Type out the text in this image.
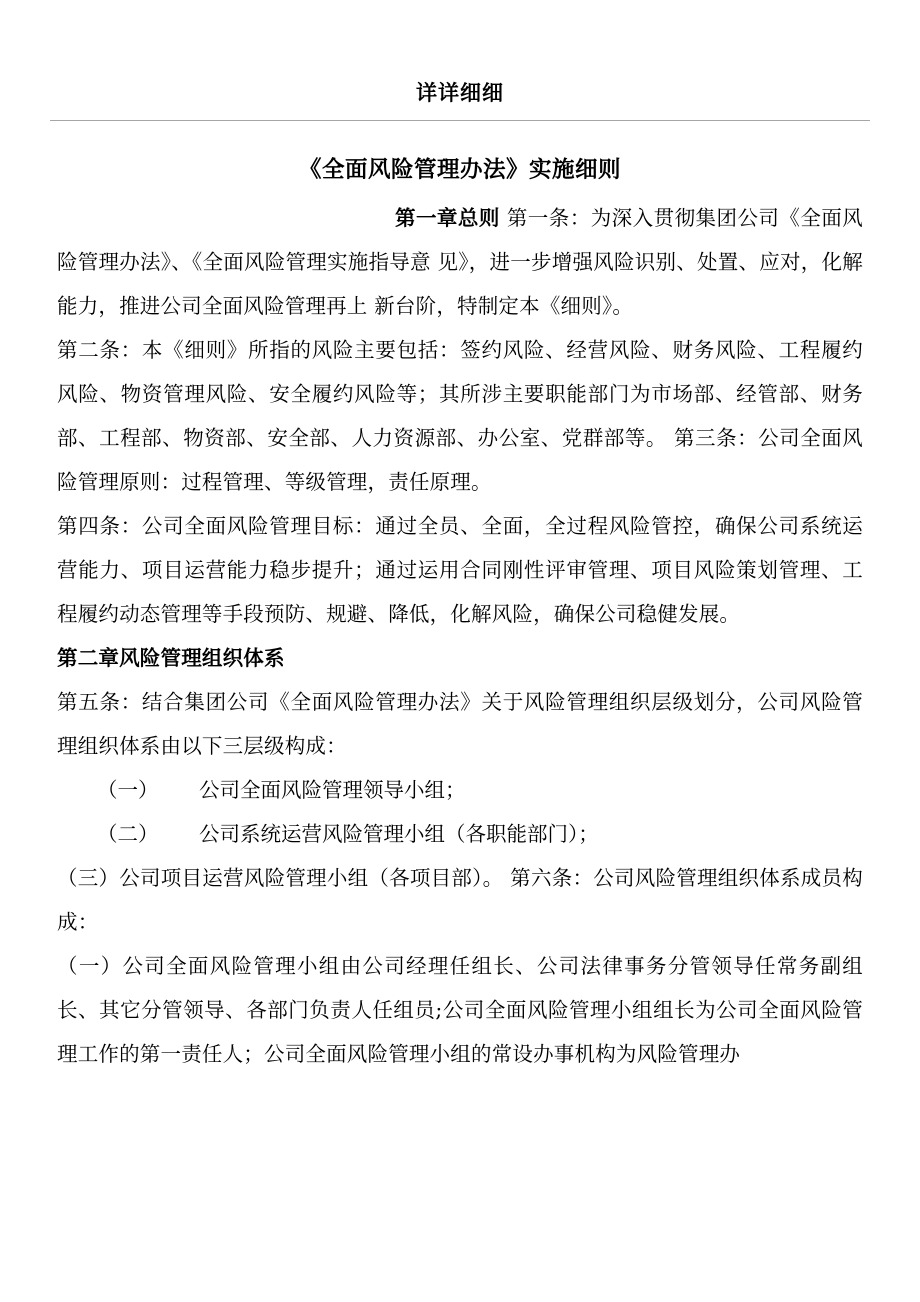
详详细细
《全面风险管理办法》实施细则

第一章总则 第一条：为深入贯彻集团公司《全面风险管理办法》、《全面风险管理实施指导意 见》，进一步增强风险识别、处置、应对，化解能力，推进公司全面风险管理再上 新台阶，特制定本《细则》。

第二条：本《细则》所指的风险主要包括：签约风险、经营风险、财务风险、工程履约风险、物资管理风险、安全履约风险等；其所涉主要职能部门为市场部、经管部、财务部、工程部、物资部、安全部、人力资源部、办公室、党群部等。 第三条：公司全面风险管理原则：过程管理、等级管理，责任原理。

第四条：公司全面风险管理目标：通过全员、全面，全过程风险管控，确保公司系统运营能力、项目运营能力稳步提升；通过运用合同刚性评审管理、项目风险策划管理、工程履约动态管理等手段预防、规避、降低，化解风险，确保公司稳健发展。

第二章风险管理组织体系

第五条：结合集团公司《全面风险管理办法》关于风险管理组织层级划分，公司风险管理组织体系由以下三层级构成：

（一） 公司全面风险管理领导小组；

（二） 公司系统运营风险管理小组（各职能部门）；

（三）公司项目运营风险管理小组（各项目部）。 第六条：公司风险管理组织体系成员构成：

（一）公司全面风险管理小组由公司经理任组长、公司法律事务分管领导任常务副组长、其它分管领导、各部门负责人任组员;公司全面风险管理小组组长为公司全面风险管理工作的第一责任人；公司全面风险管理小组的常设办事机构为风险管理办
